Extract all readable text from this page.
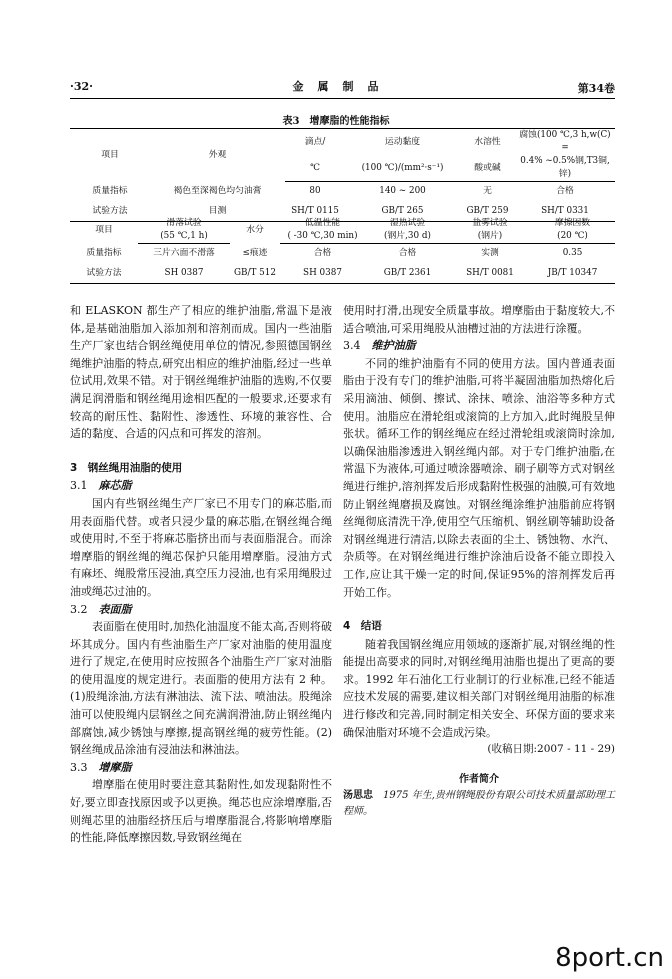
·32·	金属制品	第34卷
表3　增摩脂的性能指标
项目	外观	滴点/	运动黏度	水溶性	腐蚀(100 ℃,3 h,w(C) =
		℃	(100 ℃)/(mm²·s⁻¹)	酸或碱	0.4% ~0.5%钢,T3铜,锌)
质量指标	褐色至深褐色均匀油膏	80	140 ~ 200	无	合格
试验方法	目测	SH/T 0115	GB/T 265	GB/T 259	SH/T 0331
项目	滑落试验	水分	低温性能	湿热试验	盐雾试验	摩擦因数
	(55 ℃,1 h)		( -30 ℃,30 min)	(钢片,30 d)	(钢片)	(20 ℃)
质量指标	三片六面不滑落	≤痕迹	合格	合格	实测	0.35
试验方法	SH 0387	GB/T 512	SH 0387	GB/T 2361	SH/T 0081	JB/T 10347

和 ELASKON 都生产了相应的维护油脂,常温下是液体,是基础油脂加入添加剂和溶剂而成。国内一些油脂生产厂家也结合钢丝绳使用单位的情况,参照德国钢丝绳维护油脂的特点,研究出相应的维护油脂,经过一些单位试用,效果不错。对于钢丝绳维护油脂的选购,不仅要满足润滑脂和钢丝绳用途相匹配的一般要求,还要求有较高的耐压性、黏附性、渗透性、环境的兼容性、合适的黏度、合适的闪点和可挥发的溶剂。

3　钢丝绳用油脂的使用
3.1　麻芯脂

国内有些钢丝绳生产厂家已不用专门的麻芯脂,而用表面脂代替。或者只浸少量的麻芯脂,在钢丝绳合绳或使用时,不至于将麻芯脂挤出而与表面脂混合。而涂增摩脂的钢丝绳的绳芯保护只能用增摩脂。浸油方式有麻坯、绳股常压浸油,真空压力浸油,也有采用绳股过油或绳芯过油的。

3.2　表面脂

表面脂在使用时,加热化油温度不能太高,否则将破坏其成分。国内有些油脂生产厂家对油脂的使用温度进行了规定,在使用时应按照各个油脂生产厂家对油脂的使用温度的规定进行。表面脂的使用方法有 2 种。(1)股绳涂油,方法有淋油法、流下法、喷油法。股绳涂油可以使股绳内层钢丝之间充满润滑油,防止钢丝绳内部腐蚀,减少锈蚀与摩擦,提高钢丝绳的疲劳性能。(2)钢丝绳成品涂油有浸油法和淋油法。

3.3　增摩脂

增摩脂在使用时要注意其黏附性,如发现黏附性不好,要立即查找原因或予以更换。绳芯也应涂增摩脂,否则绳芯里的油脂经挤压后与增摩脂混合,将影响增摩脂的性能,降低摩擦因数,导致钢丝绳在

使用时打滑,出现安全质量事故。增摩脂由于黏度较大,不适合喷油,可采用绳股从油槽过油的方法进行涂覆。

3.4　维护油脂

不同的维护油脂有不同的使用方法。国内普通表面脂由于没有专门的维护油脂,可将半凝固油脂加热熔化后采用滴油、倾倒、擦试、涂抹、喷涂、油浴等多种方式使用。油脂应在滑轮组或滚筒的上方加入,此时绳股呈伸张状。循环工作的钢丝绳应在经过滑轮组或滚筒时涂加,以确保油脂渗透进入钢丝绳内部。对于专门维护油脂,在常温下为液体,可通过喷涂器喷涂、刷子刷等方式对钢丝绳进行维护,溶剂挥发后形成黏附性极强的油膜,可有效地防止钢丝绳磨损及腐蚀。对钢丝绳涂维护油脂前应将钢丝绳彻底清洗干净,使用空气压缩机、钢丝刷等辅助设备对钢丝绳进行清洁,以除去表面的尘土、锈蚀物、水汽、杂质等。在对钢丝绳进行维护涂油后设备不能立即投入工作,应让其干燥一定的时间,保证95%的溶剂挥发后再开始工作。

4　结语

随着我国钢丝绳应用领域的逐渐扩展,对钢丝绳的性能提出高要求的同时,对钢丝绳用油脂也提出了更高的要求。1992 年石油化工行业制订的行业标准,已经不能适应技术发展的需要,建议相关部门对钢丝绳用油脂的标准进行修改和完善,同时制定相关安全、环保方面的要求来确保油脂对环境不会造成污染。

(收稿日期:2007 - 11 - 29)
作者简介
汤思忠　 1975 年生,贵州钢绳股份有限公司技术质量部助理工程师。
8port.cn
